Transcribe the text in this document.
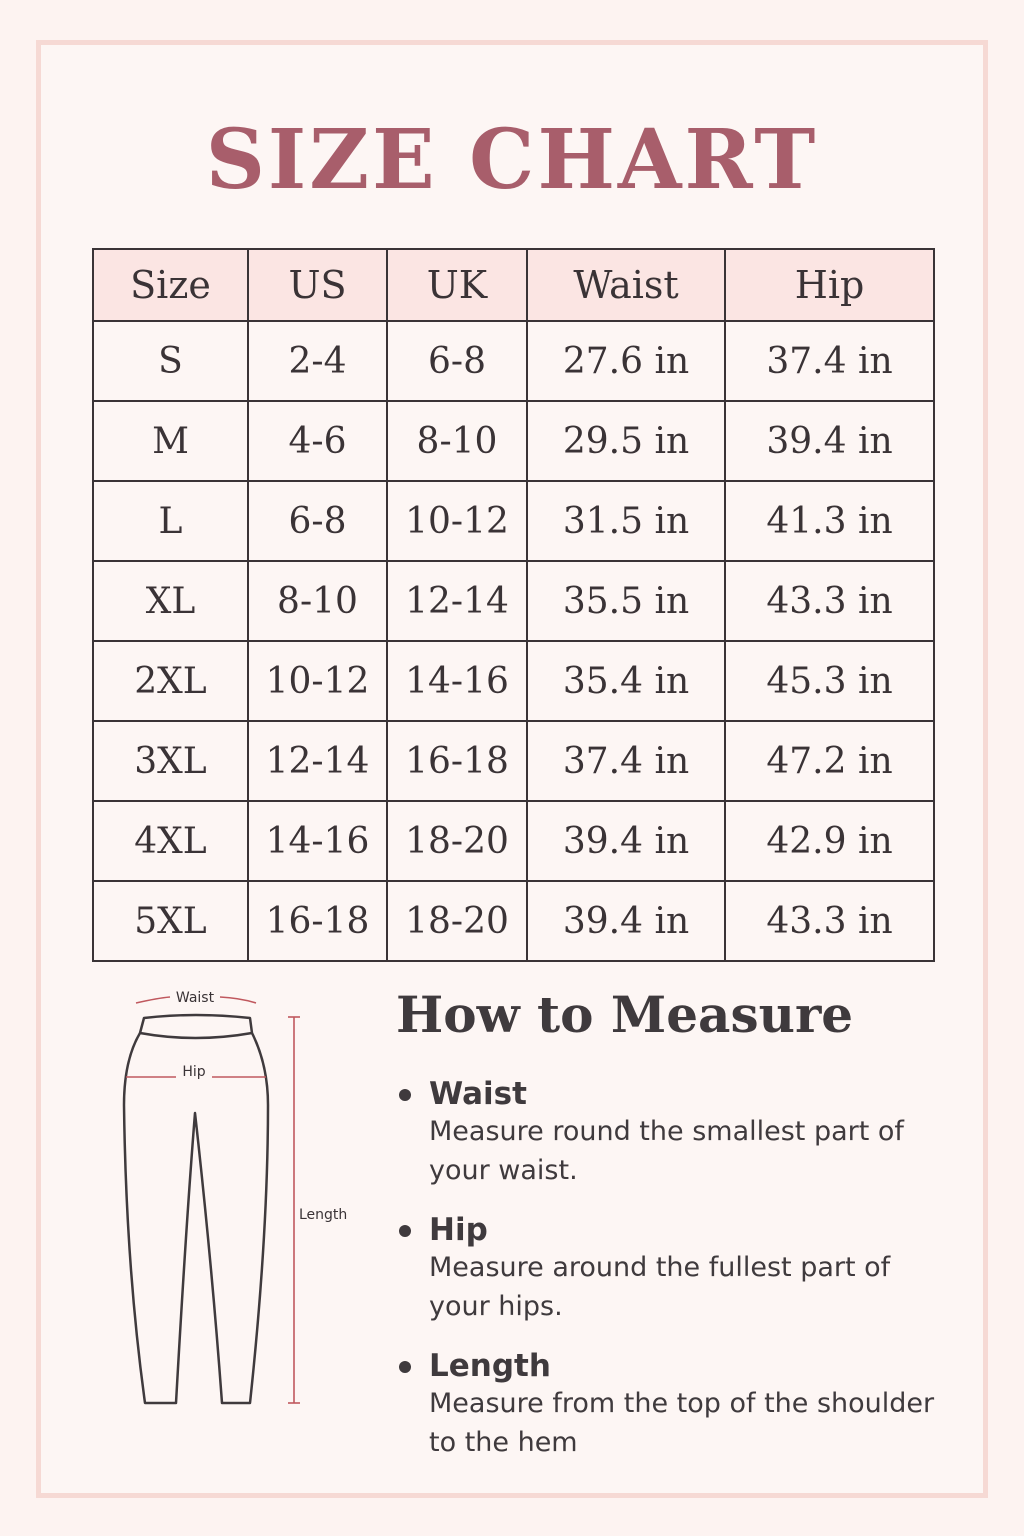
SIZE CHART
Size	US	UK	Waist	Hip
S	2-4	6-8	27.6 in	37.4 in
M	4-6	8-10	29.5 in	39.4 in
L	6-8	10-12	31.5 in	41.3 in
XL	8-10	12-14	35.5 in	43.3 in
2XL	10-12	14-16	35.4 in	45.3 in
3XL	12-14	16-18	37.4 in	47.2 in
4XL	14-16	18-20	39.4 in	42.9 in
5XL	16-18	18-20	39.4 in	43.3 in
Waist
Hip
Length
How to Measure
Waist
Measure round the smallest part of your waist.
Hip
Measure around the fullest part of your hips.
Length
Measure from the top of the shoulder to the hem
